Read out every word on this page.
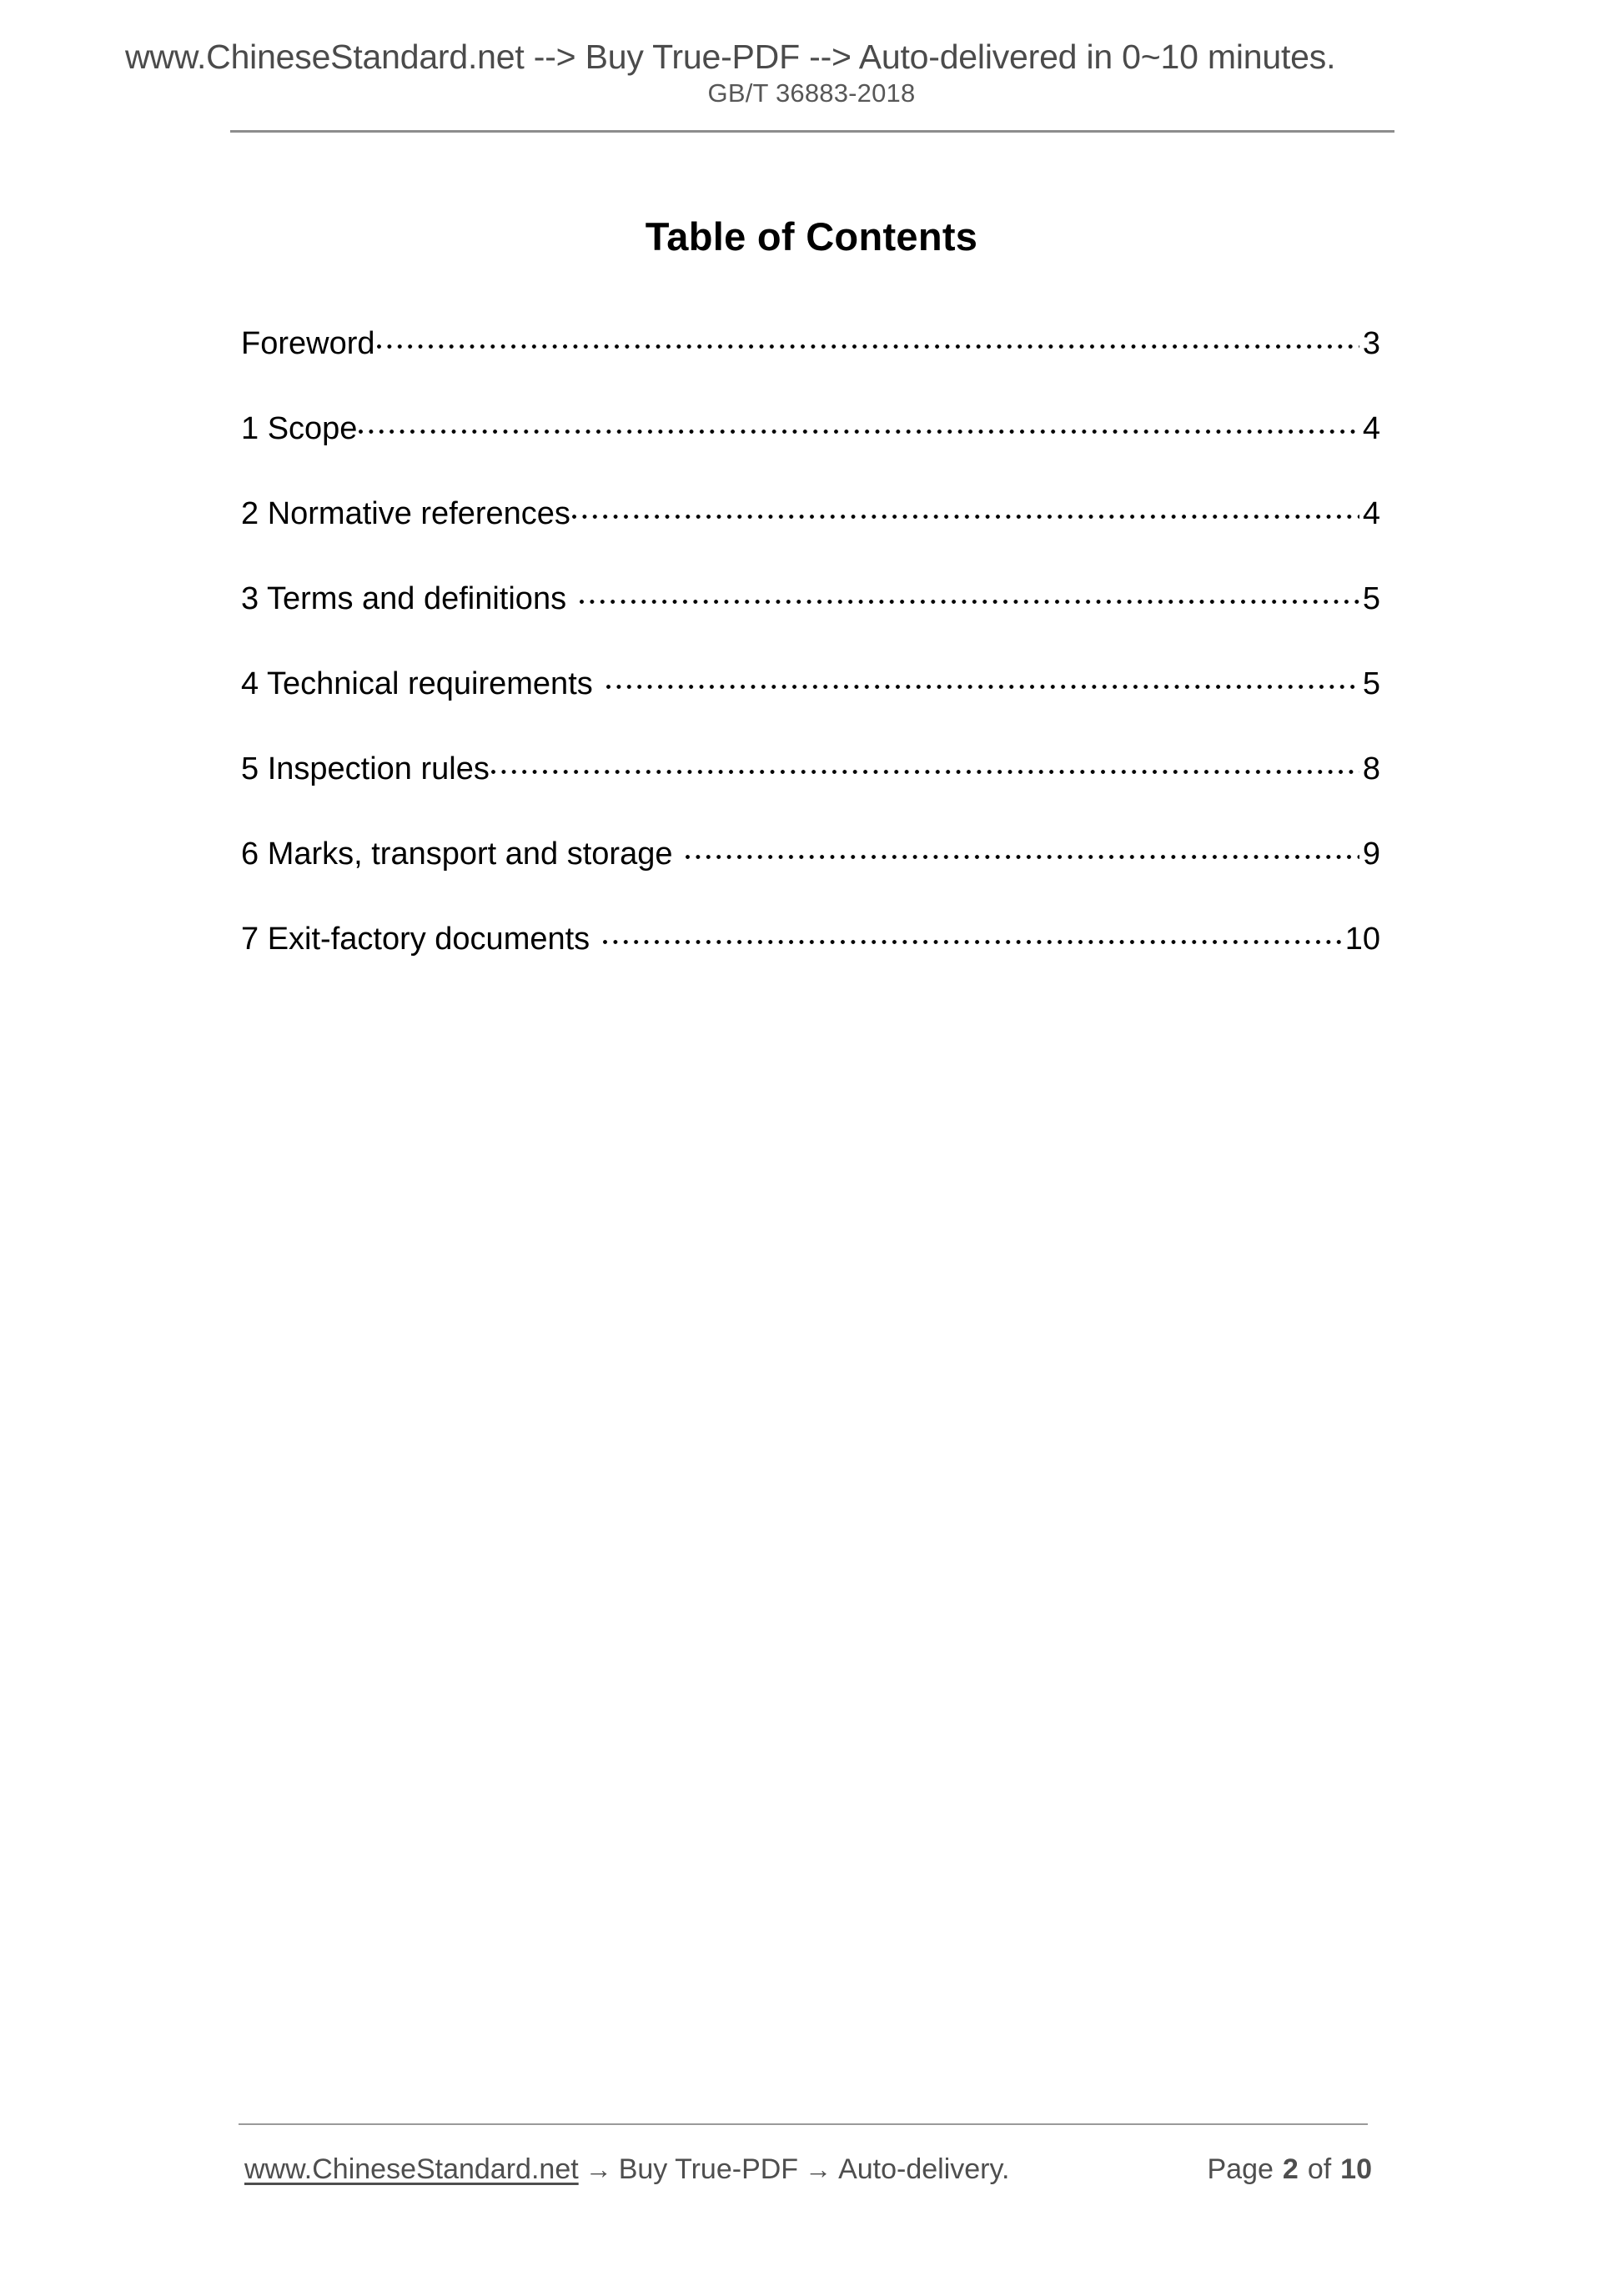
www.ChineseStandard.net --> Buy True-PDF --> Auto-delivered in 0~10 minutes.
GB/T 36883-2018
Table of Contents
Foreword	3
1 Scope	4
2 Normative references	4
3 Terms and definitions	5
4 Technical requirements	5
5 Inspection rules	8
6 Marks, transport and storage	9
7 Exit-factory documents	10
www.ChineseStandard.net → Buy True-PDF → Auto-delivery.	Page 2 of 10
